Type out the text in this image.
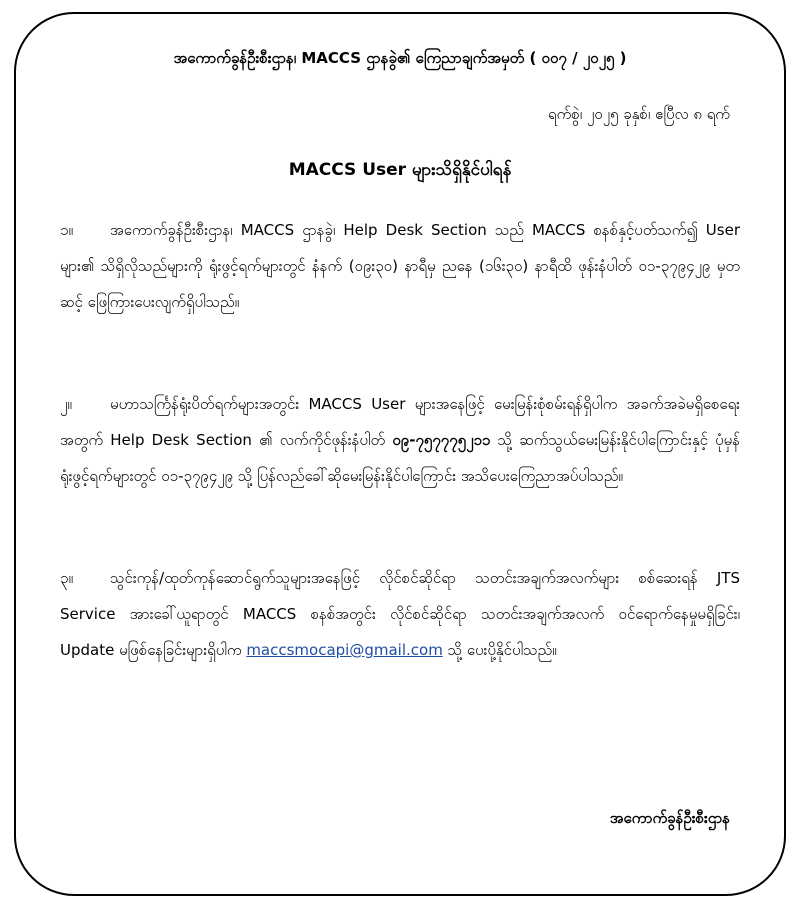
အကောက်ခွန်ဦးစီးဌာန၊ MACCS ဌာနခွဲ၏ ကြေညာချက်အမှတ် ( ၀၀၇ / ၂၀၂၅ )
ရက်စွဲ၊ ၂၀၂၅ ခုနှစ်၊ ဧပြီလ ၈ ရက်
MACCS User များသိရှိနိုင်ပါရန်
၁။ အကောက်ခွန်ဦးစီးဌာန၊ MACCS ဌာနခွဲ၊ Help Desk Section သည် MACCS စနစ်နှင့်ပတ်သက်၍ User များ၏ သိရှိလိုသည်များကို ရုံးဖွင့်ရက်များတွင် နံနက် (၀၉း၃၀) နာရီမှ ညနေ (၁၆း၃၀) နာရီထိ ဖုန်းနံပါတ် ၀၁-၃၇၉၄၂၉ မှတဆင့် ဖြေကြားပေးလျက်ရှိပါသည်။
၂။	မဟာသင်္ကြန်ရုံးပိတ်ရက်များအတွင်း MACCS User များအနေဖြင့် မေးမြန်းစုံစမ်းရန်ရှိပါက အခက်အခဲမရှိစေရေးအတွက် Help Desk Section ၏ လက်ကိုင်ဖုန်းနံပါတ် ၀၉-၇၅၇၇၇၅၂၁၁ သို့ ဆက်သွယ်မေးမြန်းနိုင်ပါကြောင်းနှင့် ပုံမှန်ရုံးဖွင့်ရက်များတွင် ၀၁-၃၇၉၄၂၉ သို့ ပြန်လည်ခေါ်ဆိုမေးမြန်းနိုင်ပါကြောင်း အသိပေးကြေညာအပ်ပါသည်။
၃။ သွင်းကုန်/ထုတ်ကုန်ဆောင်ရွက်သူများအနေဖြင့် လိုင်စင်ဆိုင်ရာ သတင်းအချက်အလက်များ စစ်ဆေးရန် JTS Service အားခေါ်ယူရာတွင် MACCS စနစ်အတွင်း လိုင်စင်ဆိုင်ရာ သတင်းအချက်အလက် ဝင်ရောက်နေမှုမရှိခြင်း၊ Update မဖြစ်နေခြင်းများရှိပါက maccsmocapi@gmail.com သို့ ပေးပို့နိုင်ပါသည်။
အကောက်ခွန်ဦးစီးဌာန
